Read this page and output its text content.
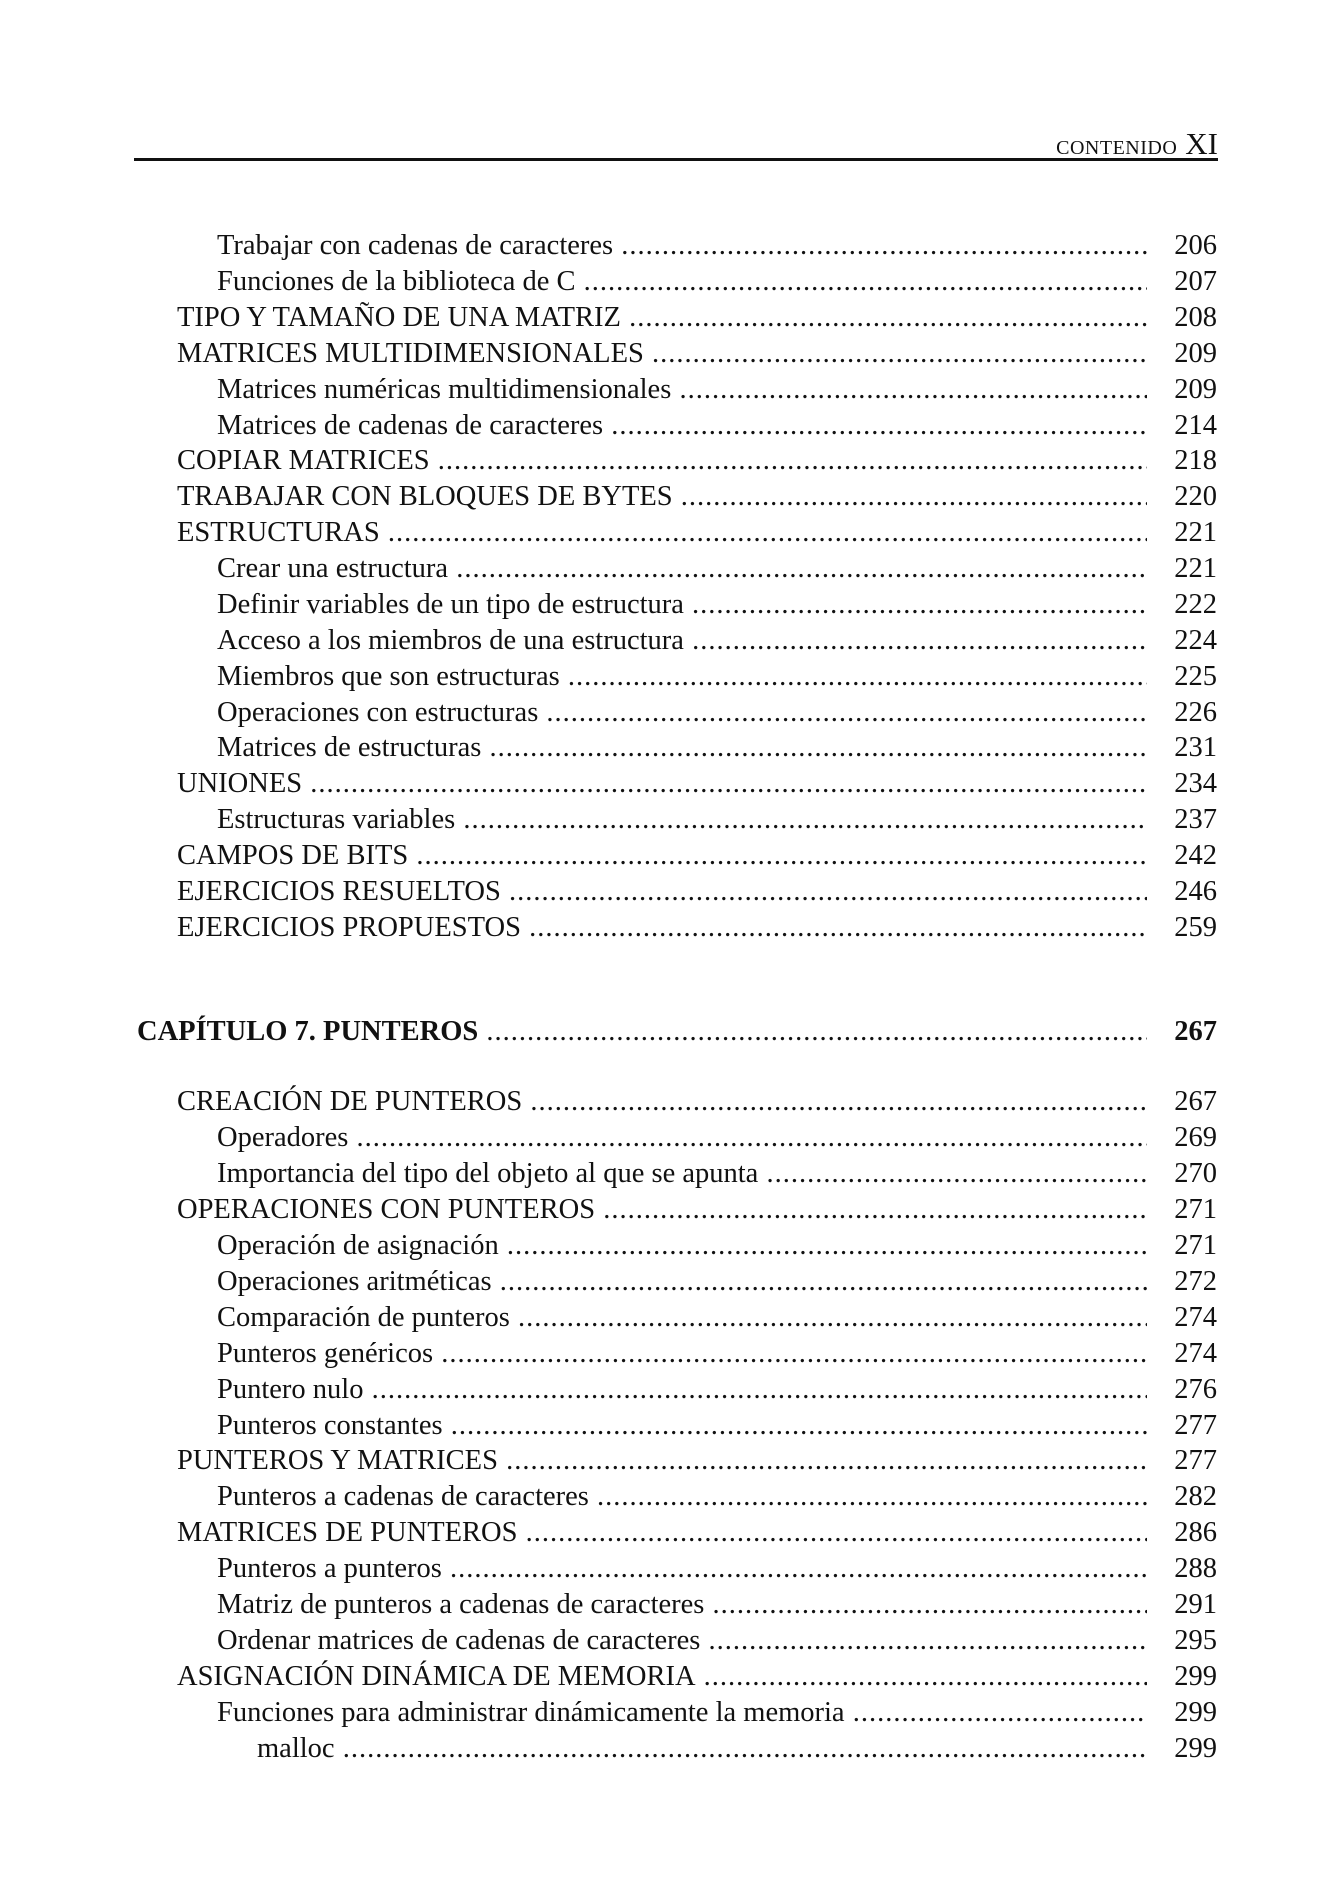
CONTENIDO XI
Trabajar con cadenas de caracteres .....	206
Funciones de la biblioteca de C .....	207
TIPO Y TAMAÑO DE UNA MATRIZ .....	208
MATRICES MULTIDIMENSIONALES .....	209
Matrices numéricas multidimensionales .....	209
Matrices de cadenas de caracteres .....	214
COPIAR MATRICES .....	218
TRABAJAR CON BLOQUES DE BYTES .....	220
ESTRUCTURAS .....	221
Crear una estructura .....	221
Definir variables de un tipo de estructura .....	222
Acceso a los miembros de una estructura .....	224
Miembros que son estructuras .....	225
Operaciones con estructuras .....	226
Matrices de estructuras .....	231
UNIONES .....	234
Estructuras variables .....	237
CAMPOS DE BITS .....	242
EJERCICIOS RESUELTOS .....	246
EJERCICIOS PROPUESTOS .....	259
CAPÍTULO 7. PUNTEROS .....	267
CREACIÓN DE PUNTEROS .....	267
Operadores .....	269
Importancia del tipo del objeto al que se apunta .....	270
OPERACIONES CON PUNTEROS .....	271
Operación de asignación .....	271
Operaciones aritméticas .....	272
Comparación de punteros .....	274
Punteros genéricos .....	274
Puntero nulo .....	276
Punteros constantes .....	277
PUNTEROS Y MATRICES .....	277
Punteros a cadenas de caracteres .....	282
MATRICES DE PUNTEROS .....	286
Punteros a punteros .....	288
Matriz de punteros a cadenas de caracteres .....	291
Ordenar matrices de cadenas de caracteres .....	295
ASIGNACIÓN DINÁMICA DE MEMORIA .....	299
Funciones para administrar dinámicamente la memoria .....	299
malloc .....	299
